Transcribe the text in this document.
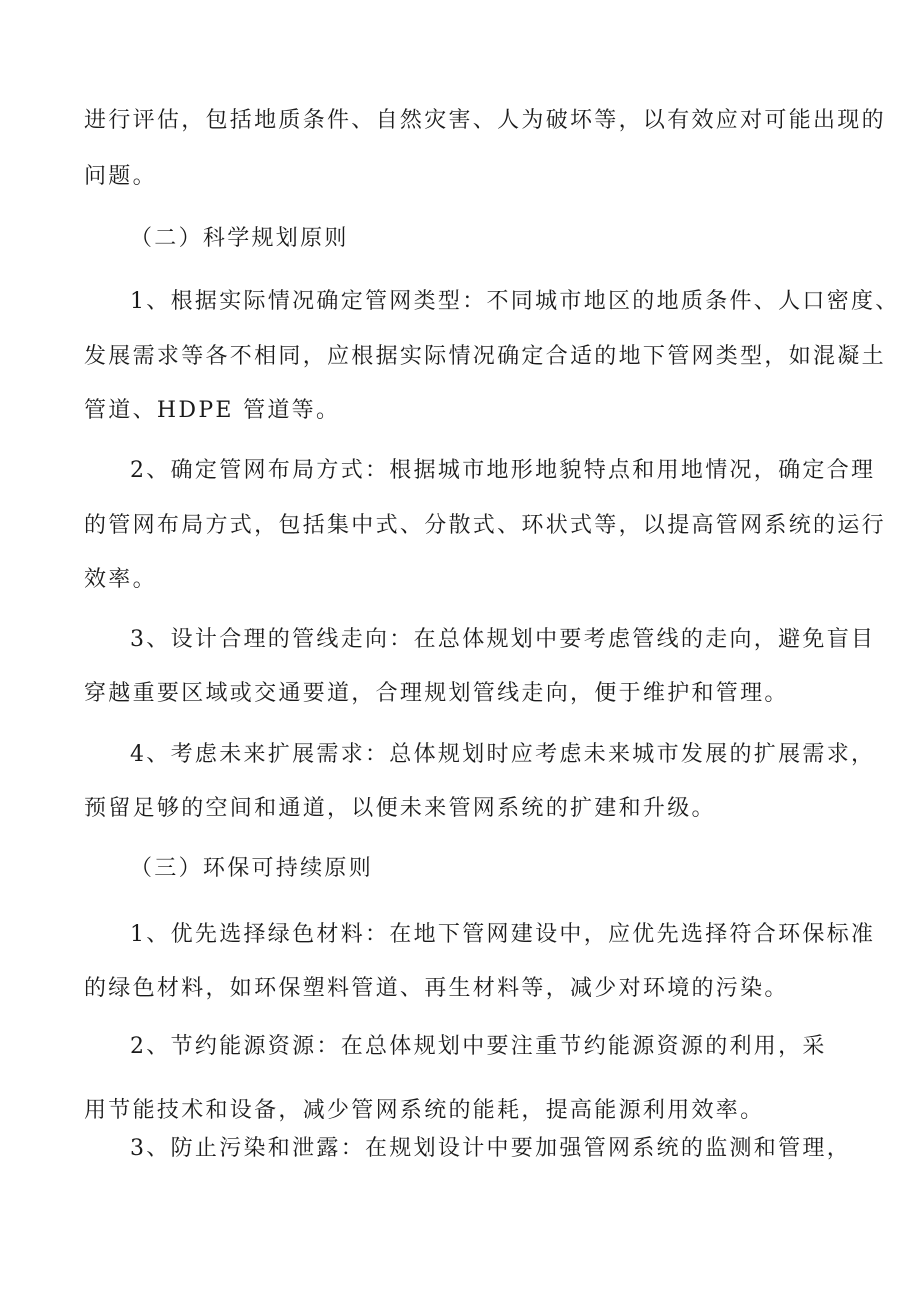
进行评估，包括地质条件、自然灾害、人为破坏等，以有效应对可能出现的
问题。
（二）科学规划原则
1、根据实际情况确定管网类型：不同城市地区的地质条件、人口密度、
发展需求等各不相同，应根据实际情况确定合适的地下管网类型，如混凝土
管道、HDPE 管道等。
2、确定管网布局方式：根据城市地形地貌特点和用地情况，确定合理
的管网布局方式，包括集中式、分散式、环状式等，以提高管网系统的运行
效率。
3、设计合理的管线走向：在总体规划中要考虑管线的走向，避免盲目
穿越重要区域或交通要道，合理规划管线走向，便于维护和管理。
4、考虑未来扩展需求：总体规划时应考虑未来城市发展的扩展需求，
预留足够的空间和通道，以便未来管网系统的扩建和升级。
（三）环保可持续原则
1、优先选择绿色材料：在地下管网建设中，应优先选择符合环保标准
的绿色材料，如环保塑料管道、再生材料等，减少对环境的污染。
2、节约能源资源：在总体规划中要注重节约能源资源的利用，采
用节能技术和设备，减少管网系统的能耗，提高能源利用效率。
3、防止污染和泄露：在规划设计中要加强管网系统的监测和管理，
